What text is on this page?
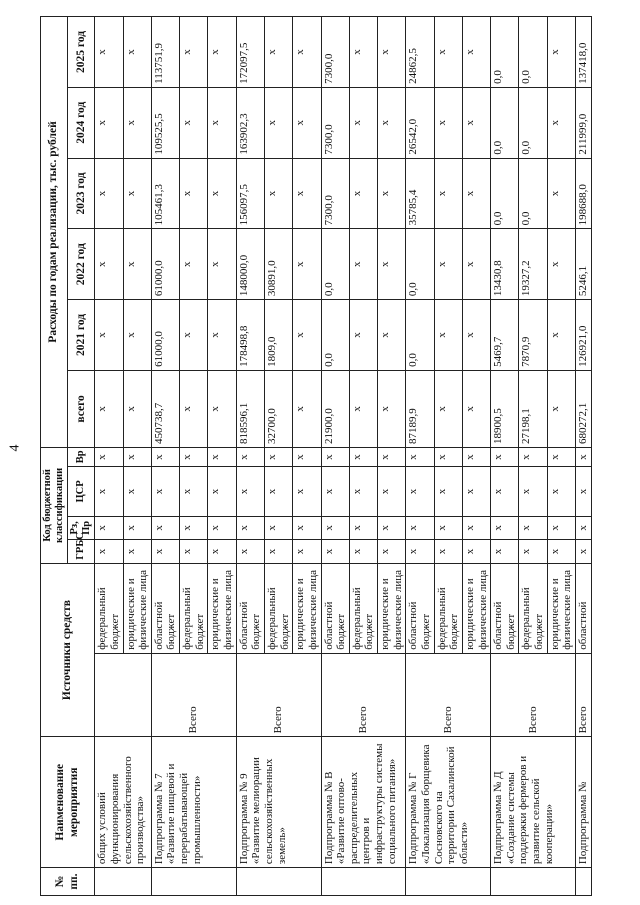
4
№ пп.	Наименование мероприятия	Источники средств		Код бюджетной классификации				Расходы по годам реализации, тыс. рублей					
				ГРБС	Рз, Пр	ЦСР	Вр	всего	2021 год	2022 год	2023 год	2024 год	2025 год
	общих условий функционирования сельскохозяйственного производства»		федеральный бюджет	x	x	x	x	x	x	x	x	x	x
			юридические и физические лица	x	x	x	x	x	x	x	x	x	x
	Подпрограмма № 7 «Развитие пищевой и перерабатывающей промышленности»	Всего	областной бюджет	x	x	x	x	450738,7	61000,0	61000,0	105461,3	109525,5	113751,9
			федеральный бюджет	x	x	x	x	x	x	x	x	x	x
			юридические и физические лица	x	x	x	x	x	x	x	x	x	x
	Подпрограмма № 9 «Развитие мелиорации сельскохозяйственных земель»	Всего	областной бюджет	x	x	x	x	818596,1	178498,8	148000,0	156097,5	163902,3	172097,5
			федеральный бюджет	x	x	x	x	32700,0	1809,0	30891,0	x	x	x
			юридические и физические лица	x	x	x	x	x	x	x	x	x	x
	Подпрограмма № В «Развитие оптово-распределительных центров и инфраструктуры системы социального питания»	Всего	областной бюджет	x	x	x	x	21900,0	0,0	0,0	7300,0	7300,0	7300,0
			федеральный бюджет	x	x	x	x	x	x	x	x	x	x
			юридические и физические лица	x	x	x	x	x	x	x	x	x	x
	Подпрограмма № Г «Локализация борщевика Сосновского на территории Сахалинской области»	Всего	областной бюджет	x	x	x	x	87189,9	0,0	0,0	35785,4	26542,0	24862,5
			федеральный бюджет	x	x	x	x	x	x	x	x	x	x
			юридические и физические лица	x	x	x	x	x	x	x	x	x	x
	Подпрограмма № Д «Создание системы поддержки фермеров и развитие сельской кооперации»	Всего	областной бюджет	x	x	x	x	18900,5	5469,7	13430,8	0,0	0,0	0,0
			федеральный бюджет	x	x	x	x	27198,1	7870,9	19327,2	0,0	0,0	0,0
			юридические и физические лица	x	x	x	x	x	x	x	x	x	x
	Подпрограмма №	Всего	областной	x	x	x	x	680272,1	126921,0	5246,1	198688,0	211999,0	137418,0
